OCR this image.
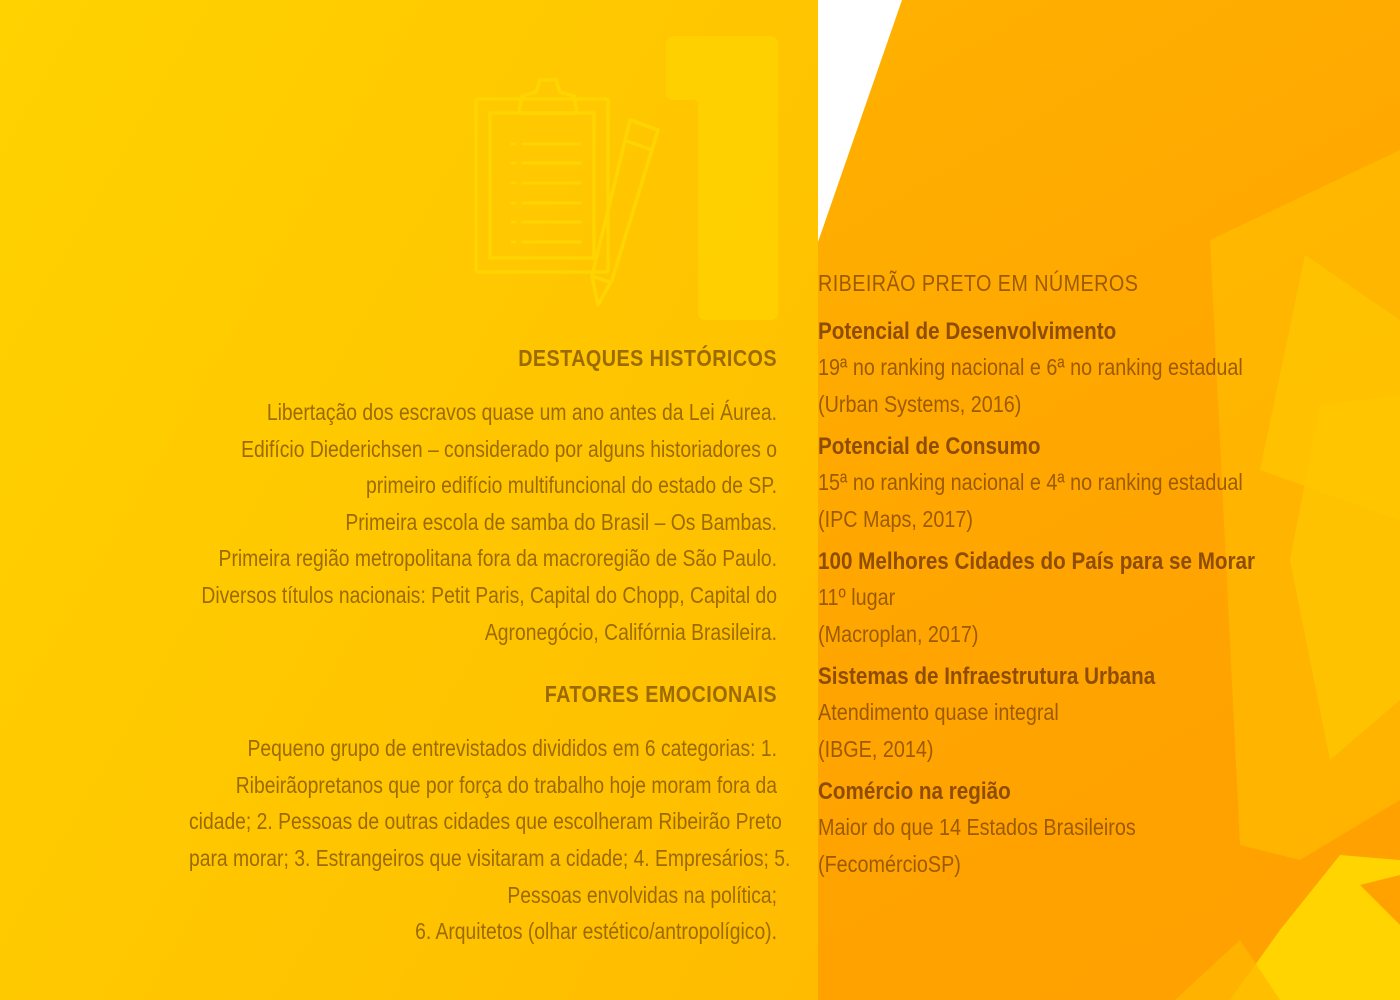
DESTAQUES HISTÓRICOS
Libertação dos escravos quase um ano antes da Lei Áurea.
Edifício Diederichsen – considerado por alguns historiadores o
primeiro edifício multifuncional do estado de SP.
Primeira escola de samba do Brasil – Os Bambas.
Primeira região metropolitana fora da macroregião de São Paulo.
Diversos títulos nacionais: Petit Paris, Capital do Chopp, Capital do
Agronegócio, Califórnia Brasileira.
FATORES EMOCIONAIS
Pequeno grupo de entrevistados divididos em 6 categorias: 1.
Ribeirãopretanos que por força do trabalho hoje moram fora da
cidade; 2. Pessoas de outras cidades que escolheram Ribeirão Preto
para morar; 3. Estrangeiros que visitaram a cidade; 4. Empresários; 5.
Pessoas envolvidas na política;
6. Arquitetos (olhar estético/antropolígico).
RIBEIRÃO PRETO EM NÚMEROS
Potencial de Desenvolvimento
19ª no ranking nacional e 6ª no ranking estadual
(Urban Systems, 2016)
Potencial de Consumo
15ª no ranking nacional e 4ª no ranking estadual
(IPC Maps, 2017)
100 Melhores Cidades do País para se Morar
11º lugar
(Macroplan, 2017)
Sistemas de Infraestrutura Urbana
Atendimento quase integral
(IBGE, 2014)
Comércio na região
Maior do que 14 Estados Brasileiros
(FecomércioSP)
